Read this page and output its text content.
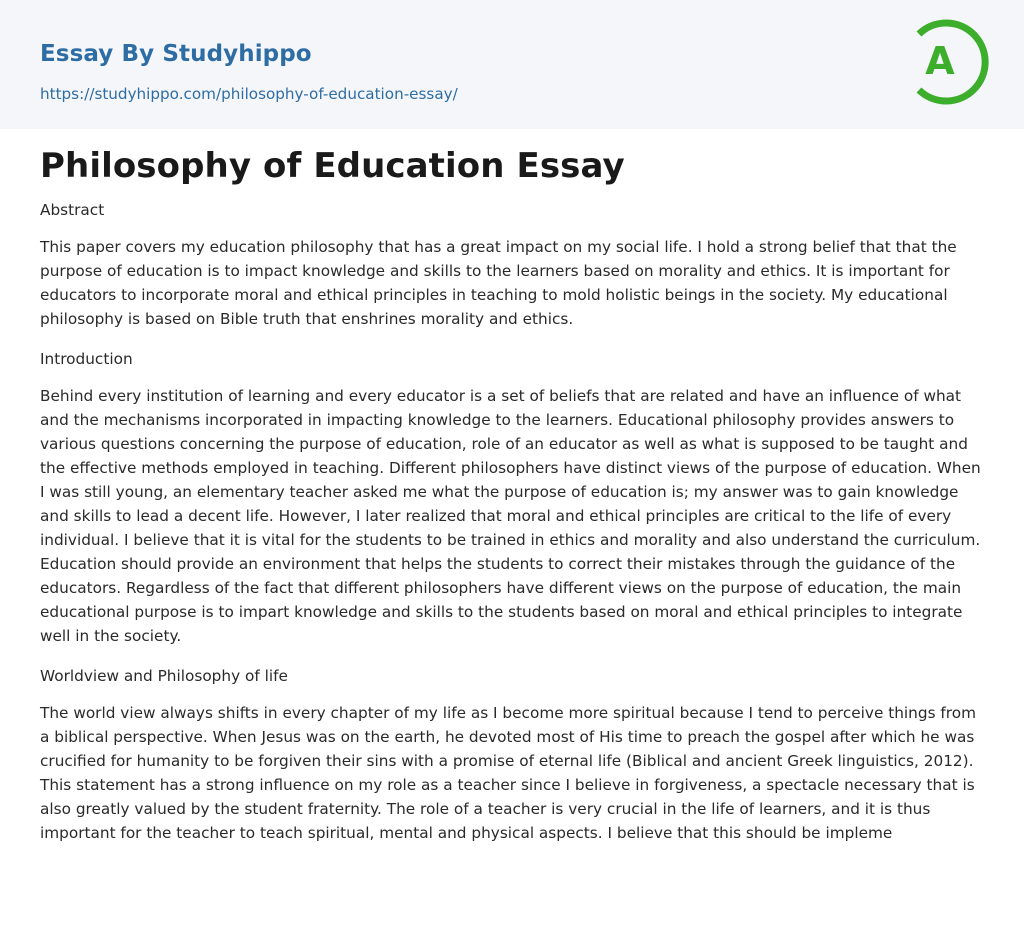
Essay By Studyhippo
https://studyhippo.com/philosophy-of-education-essay/
A
Philosophy of Education Essay
Abstract

This paper covers my education philosophy that has a great impact on my social life. I hold a strong belief that that the purpose of education is to impact knowledge and skills to the learners based on morality and ethics. It is important for educators to incorporate moral and ethical principles in teaching to mold holistic beings in the society. My educational philosophy is based on Bible truth that enshrines morality and ethics.

Introduction

Behind every institution of learning and every educator is a set of beliefs that are related and have an influence of what and the mechanisms incorporated in impacting knowledge to the learners. Educational philosophy provides answers to various questions concerning the purpose of education, role of an educator as well as what is supposed to be taught and the effective methods employed in teaching. Different philosophers have distinct views of the purpose of education. When I was still young, an elementary teacher asked me what the purpose of education is; my answer was to gain knowledge and skills to lead a decent life. However, I later realized that moral and ethical principles are critical to the life of every individual. I believe that it is vital for the students to be trained in ethics and morality and also understand the curriculum. Education should provide an environment that helps the students to correct their mistakes through the guidance of the educators. Regardless of the fact that different philosophers have different views on the purpose of education, the main educational purpose is to impart knowledge and skills to the students based on moral and ethical principles to integrate well in the society.

Worldview and Philosophy of life

The world view always shifts in every chapter of my life as I become more spiritual because I tend to perceive things from a biblical perspective. When Jesus was on the earth, he devoted most of His time to preach the gospel after which he was crucified for humanity to be forgiven their sins with a promise of eternal life (Biblical and ancient Greek linguistics, 2012). This statement has a strong influence on my role as a teacher since I believe in forgiveness, a spectacle necessary that is also greatly valued by the student fraternity. The role of a teacher is very crucial in the life of learners, and it is thus important for the teacher to teach spiritual, mental and physical aspects. I believe that this should be impleme
